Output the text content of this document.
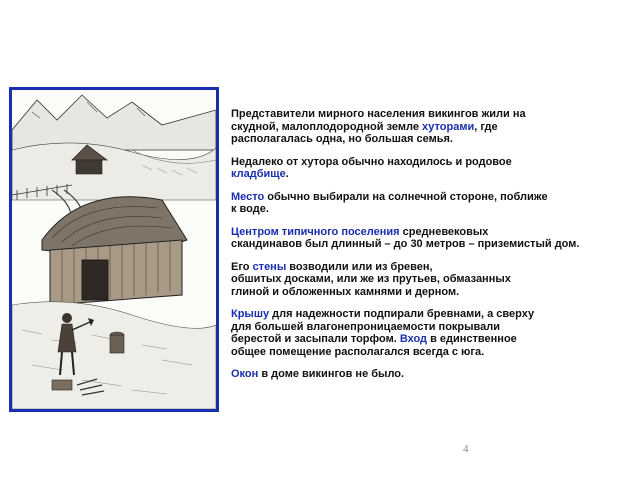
Представители мирного населения викингов жили на
скудной, малоплодородной земле хуторами, где
располагалась одна, но большая семья.

Недалеко от хутора обычно находилось и родовое
кладбище.

Место обычно выбирали на солнечной стороне, поближе
к воде.

Центром типичного поселения средневековых
скандинавов был длинный – до 30 метров – приземистый дом.

Его стены возводили или из бревен,
обшитых досками, или же из прутьев, обмазанных
глиной и обложенных камнями и дерном.

Крышу для надежности подпирали бревнами, а сверху
для большей влагонепроницаемости покрывали
берестой и засыпали торфом. Вход в единственное
общее помещение располагался всегда с юга.

Окон в доме викингов не было.

4
